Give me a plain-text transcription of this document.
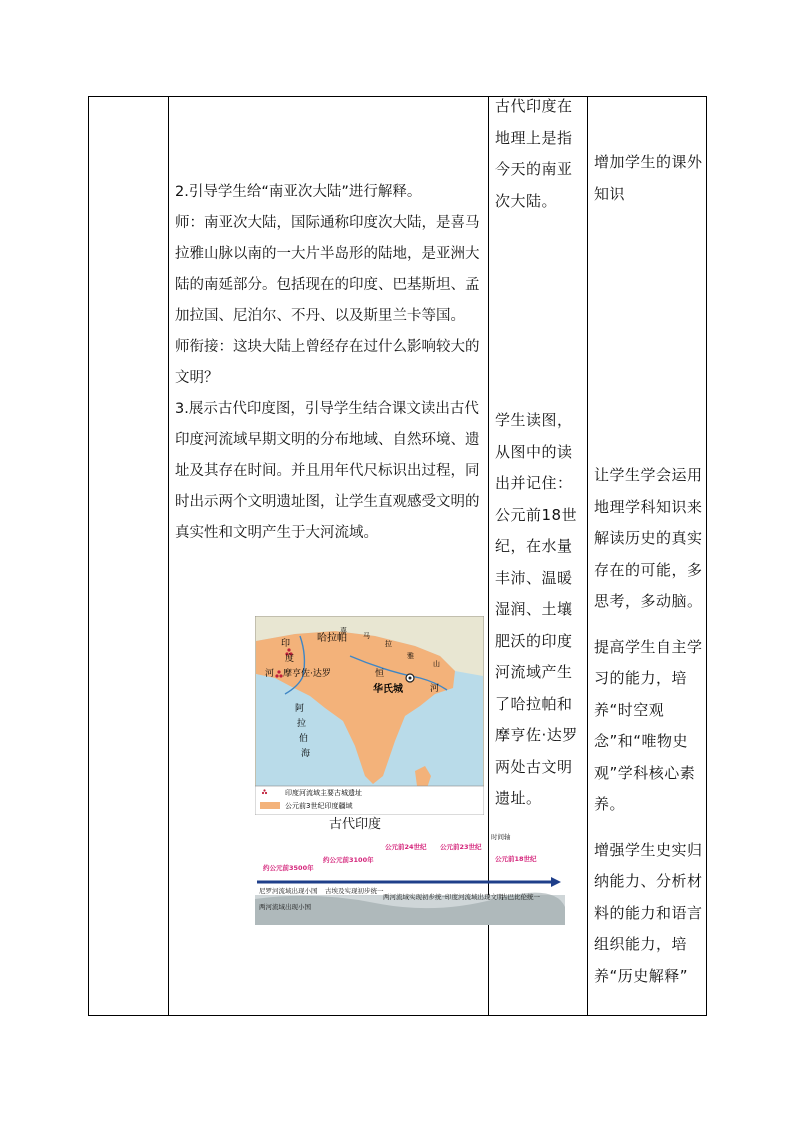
2.引导学生给“南亚次大陆”进行解释。

师：南亚次大陆，国际通称印度次大陆，是喜马拉雅山脉以南的一大片半岛形的陆地，是亚洲大陆的南延部分。包括现在的印度、巴基斯坦、孟加拉国、尼泊尔、不丹、以及斯里兰卡等国。

师衔接：这块大陆上曾经存在过什么影响较大的文明？

3.展示古代印度图，引导学生结合课文读出古代印度河流域早期文明的分布地域、自然环境、遗址及其存在时间。并且用年代尺标识出过程，同时出示两个文明遗址图，让学生直观感受文明的真实性和文明产生于大河流域。

哈拉帕
摩亨佐·达罗
华氏城
印
度
河	恒
河
阿
拉
伯
海
喜
马
雅
山
拉
印度河流域主要古城遗址
公元前3世纪印度疆域
古代印度
时间轴
约公元前3500年
约公元前3100年
公元前24世纪 公元前23世纪
公元前18世纪
尼罗河流域出现小国
两河流域出现小国
古埃及实现初步统一
两河流域实现初步统一
印度河流域出现文明
古巴比伦统一

古代印度在地理上是指今天的南亚次大陆。

学生读图，从图中的读出并记住：公元前18世纪，在水量丰沛、温暖湿润、土壤肥沃的印度河流域产生了哈拉帕和摩亨佐·达罗两处古文明遗址。

增加学生的课外知识

让学生学会运用地理学科知识来解读历史的真实存在的可能，多思考，多动脑。

提高学生自主学习的能力，培养“时空观念”和“唯物史观”学科核心素养。

增强学生史实归纳能力、分析材料的能力和语言组织能力，培养“历史解释”
